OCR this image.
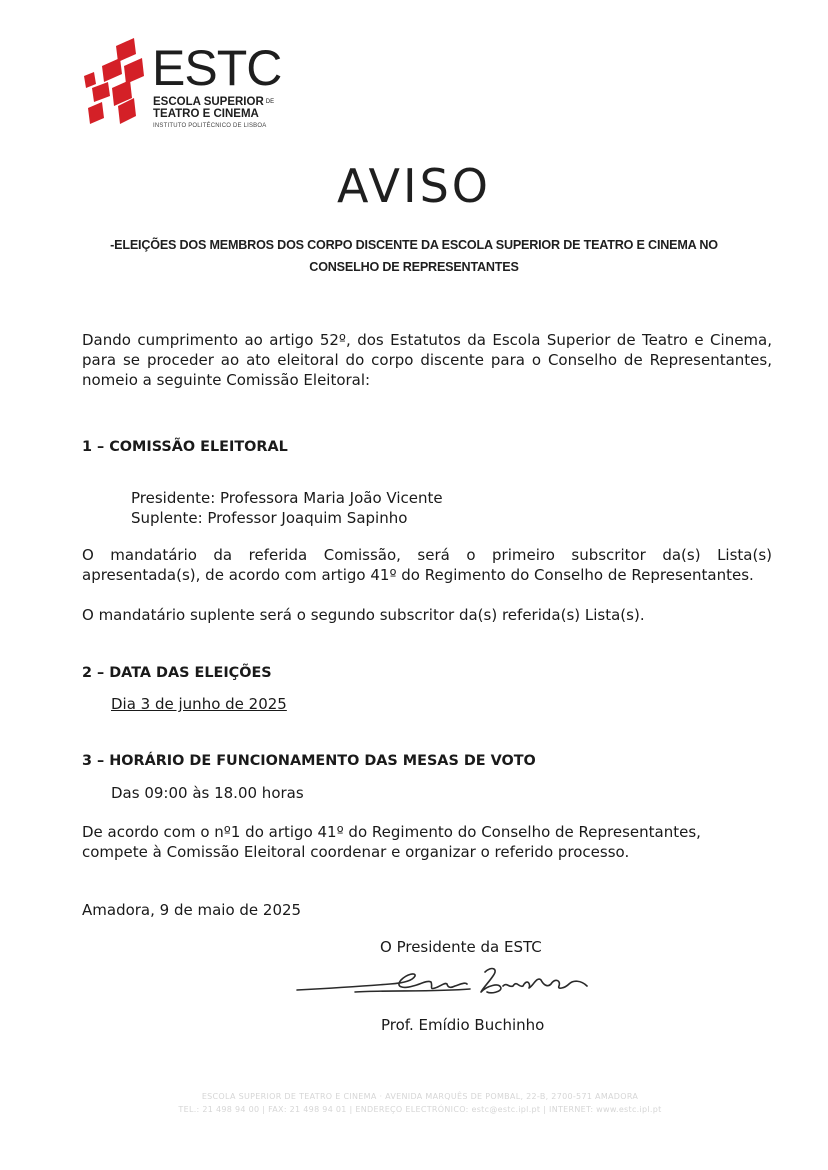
ESTC
ESCOLA SUPERIOR $^{DE}$
TEATRO E CINEMA
INSTITUTO POLITÉCNICO DE LISBOA
AVISO
-ELEIÇÕES DOS MEMBROS DOS CORPO DISCENTE DA ESCOLA SUPERIOR DE TEATRO E CINEMA NO
CONSELHO DE REPRESENTANTES
Dando cumprimento ao artigo 52º, dos Estatutos da Escola Superior de Teatro e Cinema, para se proceder ao ato eleitoral do corpo discente para o Conselho de Representantes, nomeio a seguinte Comissão Eleitoral:
1 – COMISSÃO ELEITORAL
Presidente: Professora Maria João Vicente
Suplente: Professor Joaquim Sapinho
O mandatário da referida Comissão, será o primeiro subscritor da(s) Lista(s) apresentada(s), de acordo com artigo 41º do Regimento do Conselho de Representantes.
O mandatário suplente será o segundo subscritor da(s) referida(s) Lista(s).
2 – DATA DAS ELEIÇÕES
Dia 3 de junho de 2025
3 – HORÁRIO DE FUNCIONAMENTO DAS MESAS DE VOTO
Das 09:00 às 18.00 horas
De acordo com o nº1 do artigo 41º do Regimento do Conselho de Representantes,
compete à Comissão Eleitoral coordenar e organizar o referido processo.
Amadora, 9 de maio de 2025
O Presidente da ESTC
Prof. Emídio Buchinho
ESCOLA SUPERIOR DE TEATRO E CINEMA · AVENIDA MARQUÊS DE POMBAL, 22-B, 2700-571 AMADORA
TEL.: 21 498 94 00 | FAX: 21 498 94 01 | ENDEREÇO ELECTRÓNICO: estc@estc.ipl.pt | INTERNET: www.estc.ipl.pt
